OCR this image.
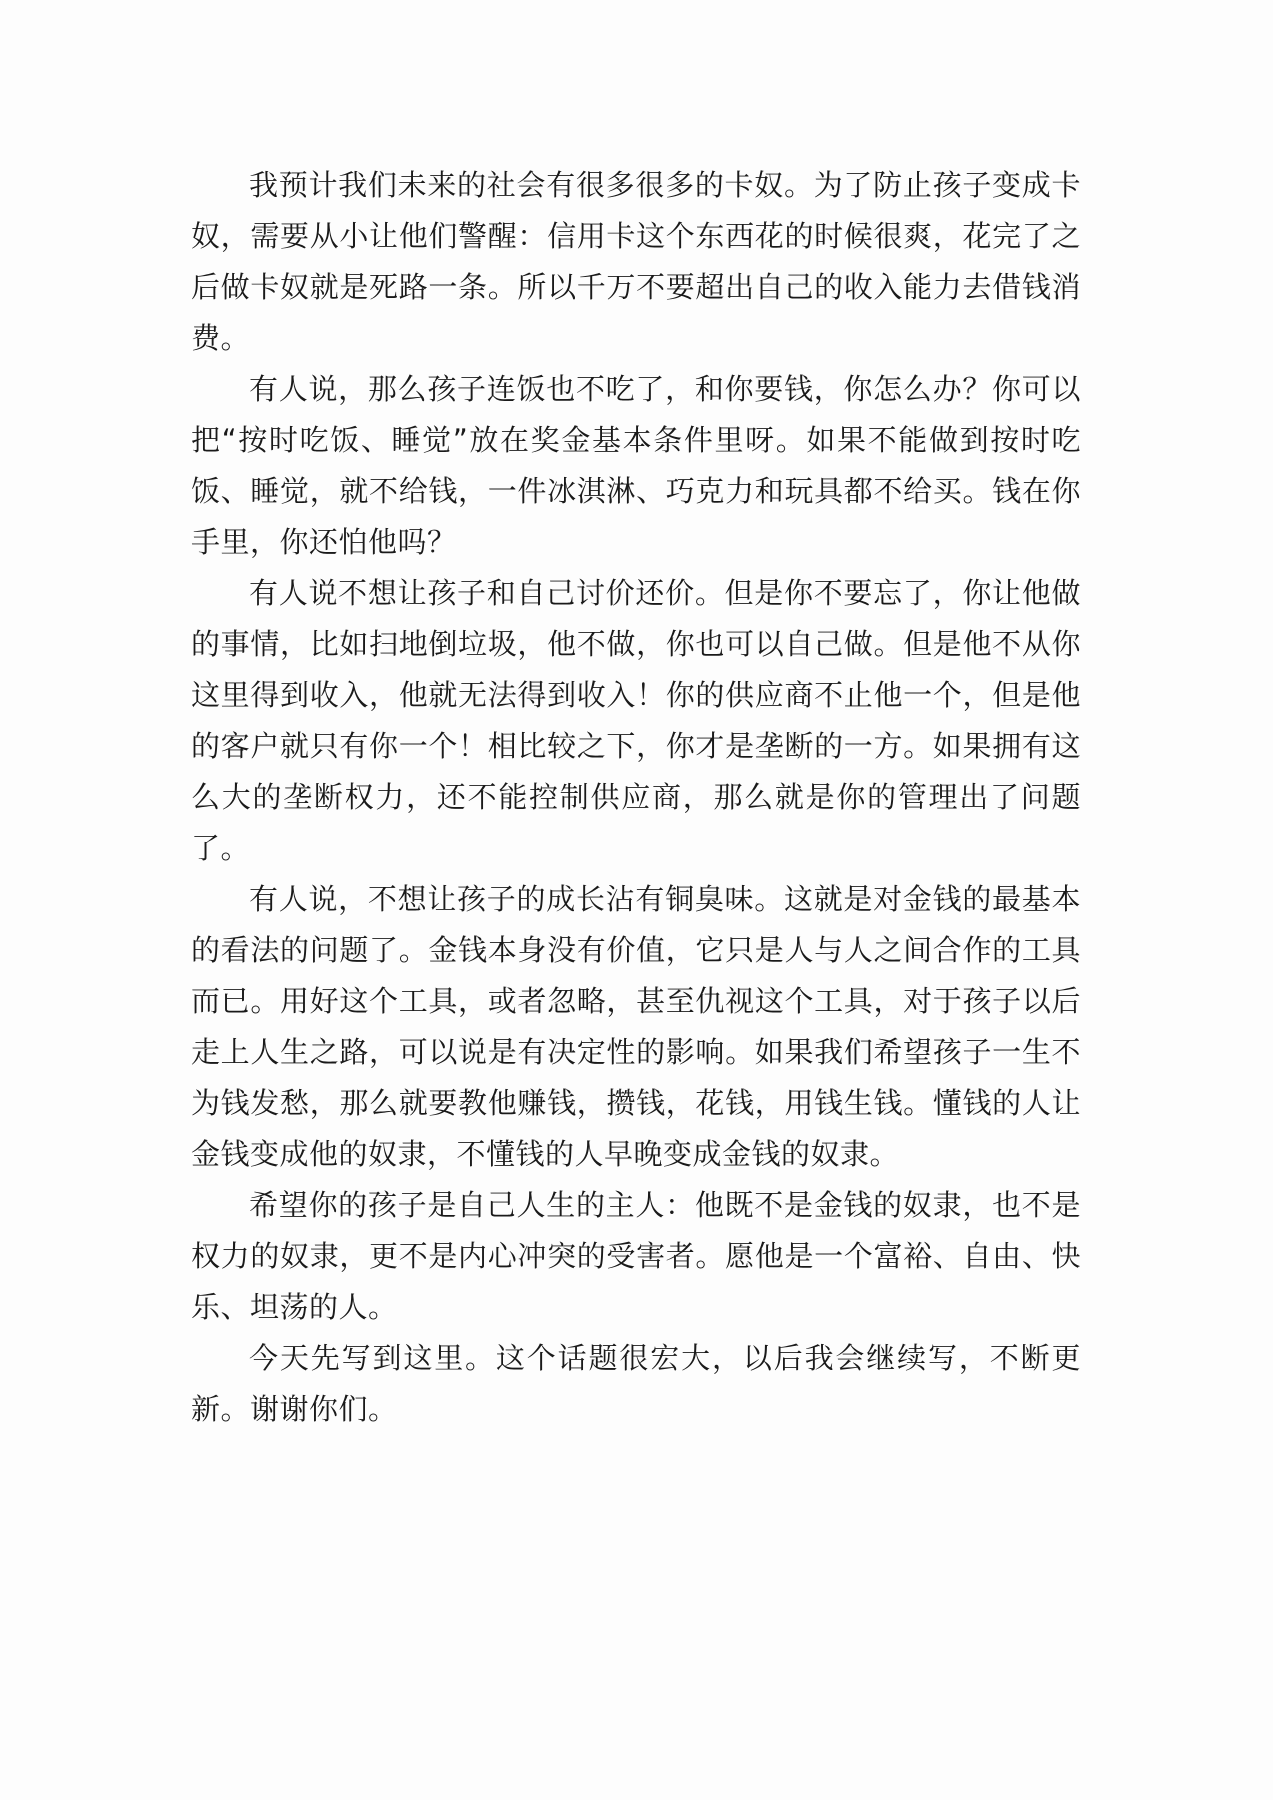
我预计我们未来的社会有很多很多的卡奴。为了防止孩子变成卡奴，需要从小让他们警醒：信用卡这个东西花的时候很爽，花完了之后做卡奴就是死路一条。所以千万不要超出自己的收入能力去借钱消费。

有人说，那么孩子连饭也不吃了，和你要钱，你怎么办？你可以把“按时吃饭、睡觉”放在奖金基本条件里呀。如果不能做到按时吃饭、睡觉，就不给钱，一件冰淇淋、巧克力和玩具都不给买。钱在你手里，你还怕他吗？

有人说不想让孩子和自己讨价还价。但是你不要忘了，你让他做的事情，比如扫地倒垃圾，他不做，你也可以自己做。但是他不从你这里得到收入，他就无法得到收入！你的供应商不止他一个，但是他的客户就只有你一个！相比较之下，你才是垄断的一方。如果拥有这么大的垄断权力，还不能控制供应商，那么就是你的管理出了问题了。

有人说，不想让孩子的成长沾有铜臭味。这就是对金钱的最基本的看法的问题了。金钱本身没有价值，它只是人与人之间合作的工具而已。用好这个工具，或者忽略，甚至仇视这个工具，对于孩子以后走上人生之路，可以说是有决定性的影响。如果我们希望孩子一生不为钱发愁，那么就要教他赚钱，攒钱，花钱，用钱生钱。懂钱的人让金钱变成他的奴隶，不懂钱的人早晚变成金钱的奴隶。

希望你的孩子是自己人生的主人：他既不是金钱的奴隶，也不是权力的奴隶，更不是内心冲突的受害者。愿他是一个富裕、自由、快乐、坦荡的人。

今天先写到这里。这个话题很宏大，以后我会继续写，不断更新。谢谢你们。
